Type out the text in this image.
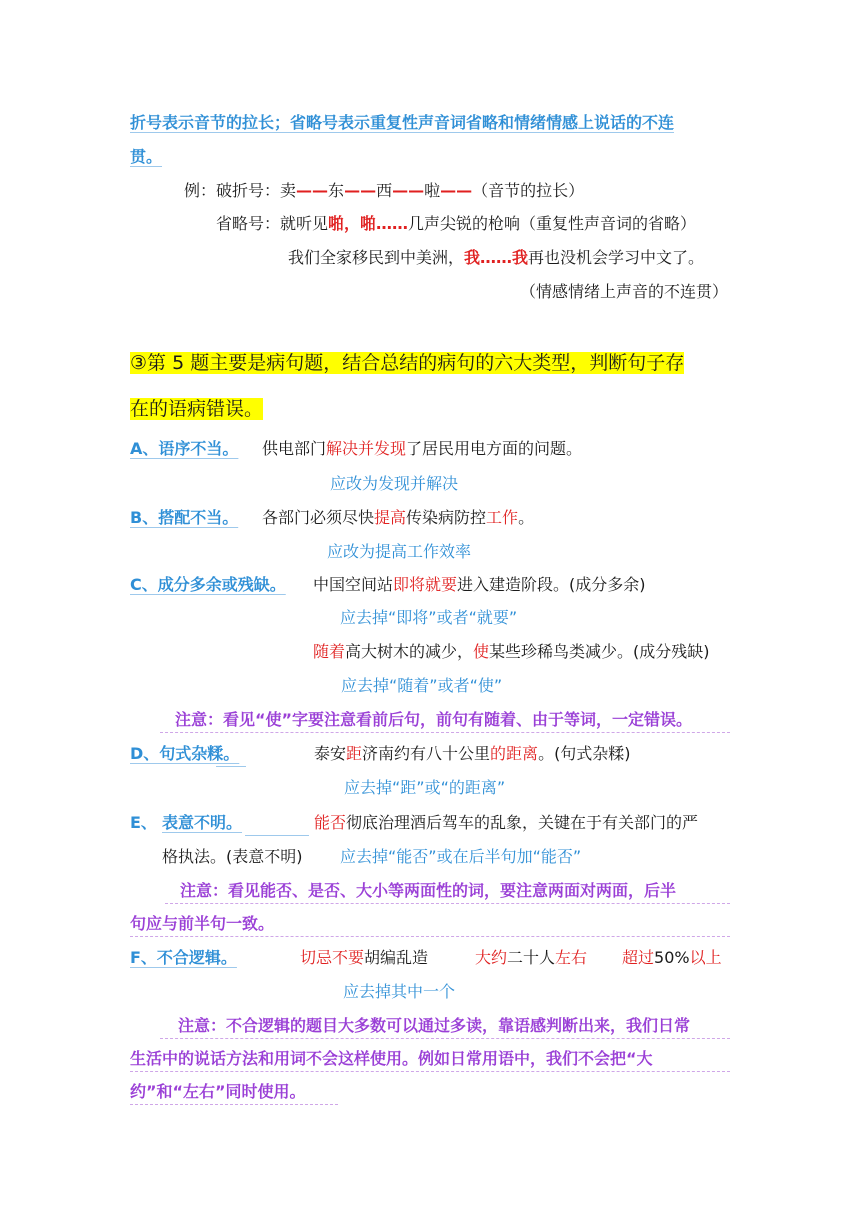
折号表示音节的拉长；省略号表示重复性声音词省略和情绪情感上说话的不连
贯。
例：破折号：卖——东——西——啦——（音节的拉长）
省略号：就听见啪，啪……几声尖锐的枪响（重复性声音词的省略）
我们全家移民到中美洲，我……我再也没机会学习中文了。
（情感情绪上声音的不连贯）
③第 5 题主要是病句题，结合总结的病句的六大类型，判断句子存
在的语病错误。
A、语序不当。 供电部门解决并发现了居民用电方面的问题。
应改为发现并解决
B、搭配不当。 各部门必须尽快提高传染病防控工作。
应改为提高工作效率
C、成分多余或残缺。 中国空间站即将就要进入建造阶段。(成分多余)
应去掉“即将”或者“就要”
随着高大树木的减少，使某些珍稀鸟类减少。(成分残缺)
应去掉“随着”或者“使”
注意：看见“使”字要注意看前后句，前句有随着、由于等词，一定错误。
D、句式杂糅。	泰安距济南约有八十公里的距离。(句式杂糅)
应去掉“距”或“的距离”
E、 表意不明。	能否彻底治理酒后驾车的乱象，关键在于有关部门的严
格执法。(表意不明) 应去掉“能否”或在后半句加“能否”
注意：看见能否、是否、大小等两面性的词，要注意两面对两面，后半
句应与前半句一致。
F、不合逻辑。	切忌不要胡编乱造	大约二十人左右 超过50%以上
应去掉其中一个
注意：不合逻辑的题目大多数可以通过多读，靠语感判断出来，我们日常
生活中的说话方法和用词不会这样使用。例如日常用语中，我们不会把“大
约”和“左右”同时使用。
